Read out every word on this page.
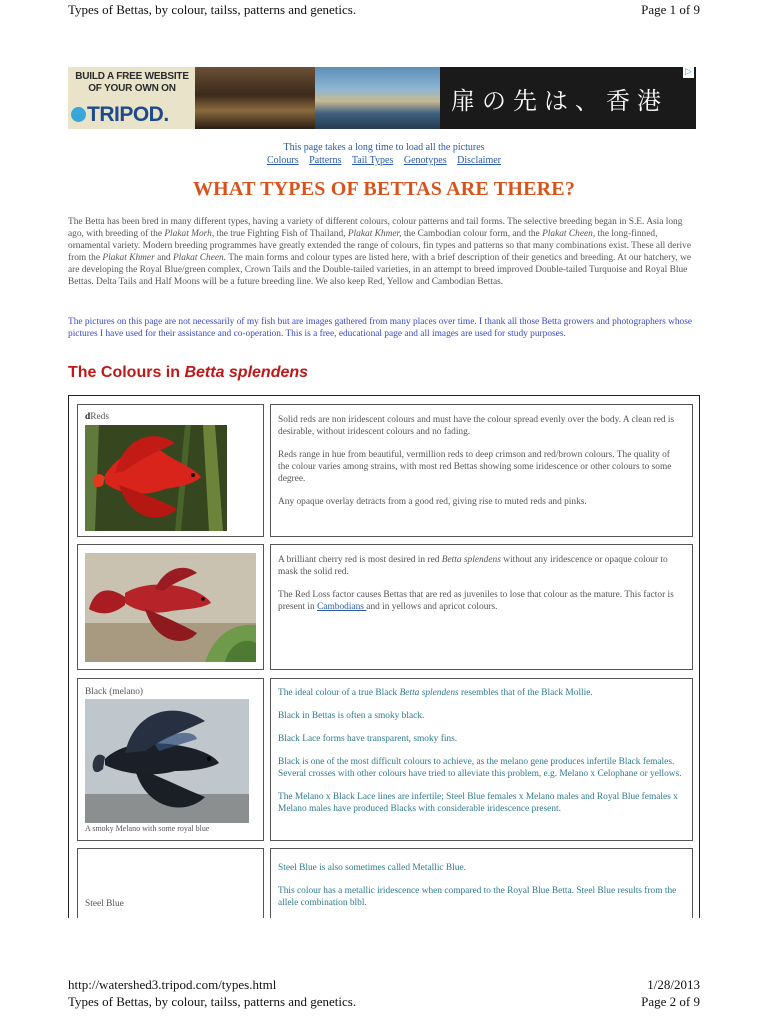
Types of Bettas, by colour, tailss, patterns and genetics.	Page 1 of 9
BUILD A FREE WEBSITE
OF YOUR OWN ON
TRIPOD.	扉の先は、香港
▷
This page takes a long time to load all the pictures
Colours Patterns Tail Types Genotypes Disclaimer
WHAT TYPES OF BETTAS ARE THERE?
The Betta has been bred in many different types, having a variety of different colours, colour patterns and tail forms. The selective breeding began in S.E. Asia long ago, with breeding of the Plakat Morh, the true Fighting Fish of Thailand, Plakat Khmer, the Cambodian colour form, and the Plakat Cheen, the long-finned, ornamental variety. Modern breeding programmes have greatly extended the range of colours, fin types and patterns so that many combinations exist. These all derive from the Plakat Khmer and Plakat Cheen. The main forms and colour types are listed here, with a brief description of their genetics and breeding. At our hatchery, we are developing the Royal Blue/green complex, Crown Tails and the Double-tailed varieties, in an attempt to breed improved Double-tailed Turquoise and Royal Blue Bettas. Delta Tails and Half Moons will be a future breeding line. We also keep Red, Yellow and Cambodian Bettas.
The pictures on this page are not necessarily of my fish but are images gathered from many places over time. I thank all those Betta growers and photographers whose pictures I have used for their assistance and co-operation. This is a free, educational page and all images are used for study purposes.
The Colours in Betta splendens
dReds	Solid reds are non iridescent colours and must have the colour spread evenly over the body. A clean red is desirable, without iridescent colours and no fading.

Reds range in hue from beautiful, vermillion reds to deep crimson and red/brown colours. The quality of the colour varies among strains, with most red Bettas showing some iridescence or other colours to some degree.

Any opaque overlay detracts from a good red, giving rise to muted reds and pinks.

A brilliant cherry red is most desired in red Betta splendens without any iridescence or opaque colour to mask the solid red.

The Red Loss factor causes Bettas that are red as juveniles to lose that colour as the mature. This factor is present in Cambodians and in yellows and apricot colours.

Black (melano)
A smoky Melano with some royal blue

The ideal colour of a true Black Betta splendens resembles that of the Black Mollie.

Black in Bettas is often a smoky black.

Black Lace forms have transparent, smoky fins.

Black is one of the most difficult colours to achieve, as the melano gene produces infertile Black females. Several crosses with other colours have tried to alleviate this problem, e.g. Melano x Celophane or yellows.

The Melano x Black Lace lines are infertile; Steel Blue females x Melano males and Royal Blue females x Melano males have produced Blacks with considerable iridescence present.

Steel Blue

Steel Blue is also sometimes called Metallic Blue.

This colour has a metallic iridescence when compared to the Royal Blue Betta. Steel Blue results from the allele combination blbl.

http://watershed3.tripod.com/types.html	1/28/2013
Types of Bettas, by colour, tailss, patterns and genetics.	Page 2 of 9
